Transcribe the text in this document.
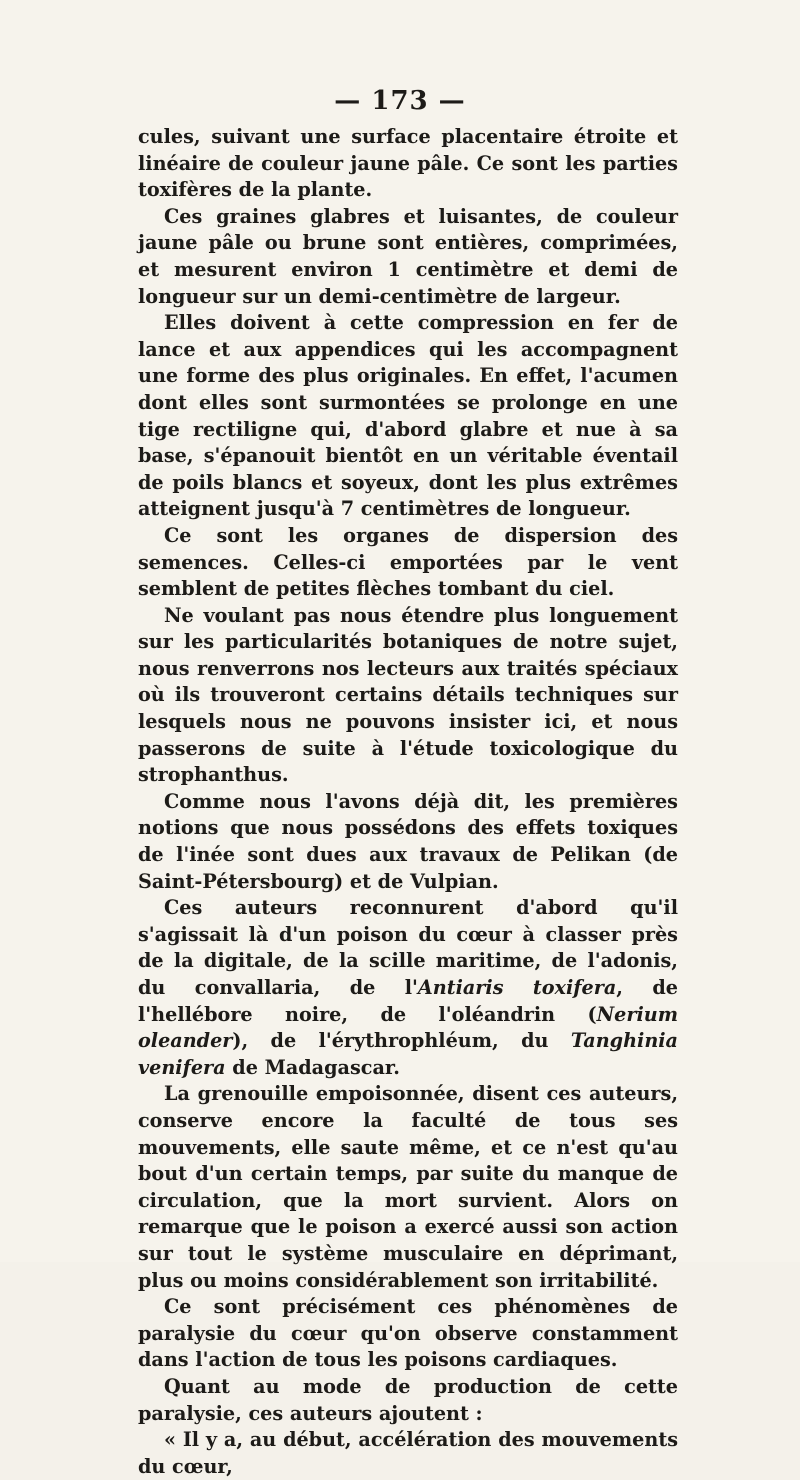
— 173 —

cules, suivant une surface placentaire étroite et linéaire de couleur jaune pâle. Ce sont les parties toxifères de la plante.

Ces graines glabres et luisantes, de couleur jaune pâle ou brune sont entières, comprimées, et mesurent environ 1 centimètre et demi de longueur sur un demi-centimètre de largeur.

Elles doivent à cette compression en fer de lance et aux appendices qui les accompagnent une forme des plus originales. En effet, l'acumen dont elles sont surmontées se prolonge en une tige rectiligne qui, d'abord glabre et nue à sa base, s'épanouit bientôt en un véritable éventail de poils blancs et soyeux, dont les plus extrêmes atteignent jusqu'à 7 centimètres de longueur.

Ce sont les organes de dispersion des semences. Celles-ci emportées par le vent semblent de petites flèches tombant du ciel.

Ne voulant pas nous étendre plus longuement sur les particularités botaniques de notre sujet, nous renverrons nos lecteurs aux traités spéciaux où ils trouveront certains détails techniques sur lesquels nous ne pouvons insister ici, et nous passerons de suite à l'étude toxicologique du strophanthus.

Comme nous l'avons déjà dit, les premières notions que nous possédons des effets toxiques de l'inée sont dues aux travaux de Pelikan (de Saint-Pétersbourg) et de Vulpian.

Ces auteurs reconnurent d'abord qu'il s'agissait là d'un poison du cœur à classer près de la digitale, de la scille maritime, de l'adonis, du convallaria, de l'Antiaris toxifera, de l'hellébore noire, de l'oléandrin (Nerium oleander), de l'érythrophléum, du Tanghinia venifera de Madagascar.

La grenouille empoisonnée, disent ces auteurs, conserve encore la faculté de tous ses mouvements, elle saute même, et ce n'est qu'au bout d'un certain temps, par suite du manque de circulation, que la mort survient. Alors on remarque que le poison a exercé aussi son action sur tout le système musculaire en déprimant, plus ou moins considérablement son irritabilité.

Ce sont précisément ces phénomènes de paralysie du cœur qu'on observe constamment dans l'action de tous les poisons cardiaques.

Quant au mode de production de cette paralysie, ces auteurs ajoutent :

« Il y a, au début, accélération des mouvements du cœur,
